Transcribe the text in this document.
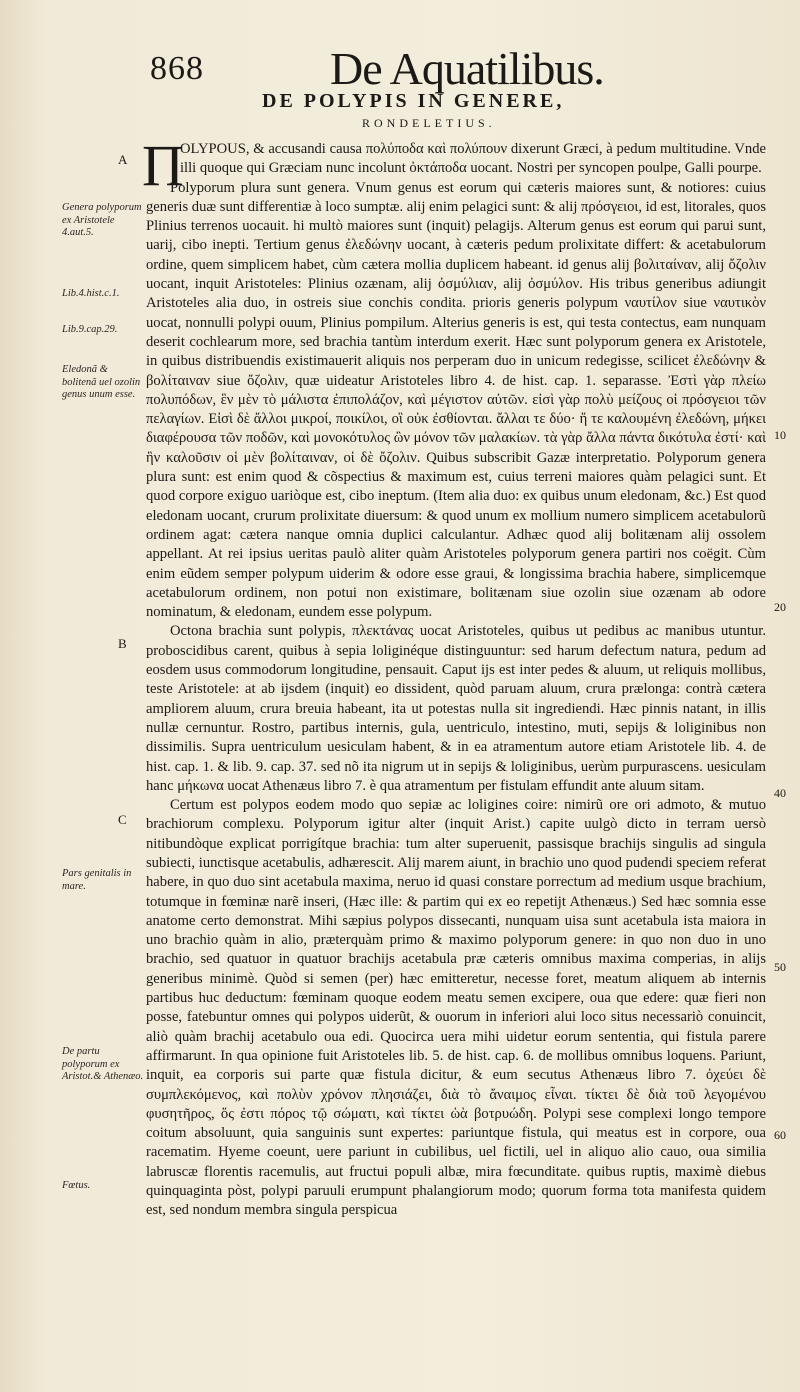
868	De Aquatilibus.
DE POLYPIS IN GENERE,
RONDELETIUS.
Π

OLYPOUS, & accusandi causa πολύποδα καὶ πολύπουν dixerunt Græci, à pedum multitudine. Vnde illi quoque qui Græciam nunc incolunt ὀκτάποδα uocant. Nostri per syncopen poulpe, Galli pourpe.

Polyporum plura sunt genera. Vnum genus est eorum qui cæteris maiores sunt, & notiores: cuius generis duæ sunt differentiæ à loco sumptæ. alij enim pelagici sunt: & alij πρόσγειοι, id est, litorales, quos Plinius terrenos uocauit. hi multò maiores sunt (inquit) pelagijs. Alterum genus est eorum qui parui sunt, uarij, cibo inepti. Tertium genus ἐλεδώνην uocant, à cæteris pedum prolixitate differt: & acetabulorum ordine, quem simplicem habet, cùm cætera mollia duplicem habeant. id genus alij βολιταίναν, alij ὄζολιν uocant, inquit Aristoteles: Plinius ozænam, alij ὀσμύλιαν, alij ὀσμύλον. His tribus generibus adiungit Aristoteles alia duo, in ostreis siue conchis condita. prioris generis polypum ναυτίλον siue ναυτικὸν uocat, nonnulli polypi ouum, Plinius pompilum. Alterius generis is est, qui testa contectus, eam nunquam deserit cochlearum more, sed brachia tantùm interdum exerit. Hæc sunt polyporum genera ex Aristotele, in quibus distribuendis existimauerit aliquis nos perperam duo in unicum redegisse, scilicet ἐλεδώνην & βολίταιναν siue ὄζολιν, quæ uideatur Aristoteles libro 4. de hist. cap. 1. separasse. Ἐστὶ γὰρ πλείω πολυπόδων, ἓν μὲν τὸ μάλιστα ἐπιπολάζον, καὶ μέγιστον αὐτῶν. εἰσὶ γὰρ πολὺ μείζους οἱ πρόσγειοι τῶν πελαγίων. Εἰσὶ δὲ ἄλλοι μικροί, ποικίλοι, οἳ οὐκ ἐσθίονται. ἄλλαι τε δύο· ἥ τε καλουμένη ἐλεδώνη, μήκει διαφέρουσα τῶν ποδῶν, καὶ μονοκότυλος ὢν μόνον τῶν μαλακίων. τὰ γὰρ ἄλλα πάντα δικότυλα ἐστί· καὶ ἣν καλοῦσιν οἱ μὲν βολίταιναν, οἱ δὲ ὄζολιν. Quibus subscribit Gazæ interpretatio. Polyporum genera plura sunt: est enim quod & cõspectius & maximum est, cuius terreni maiores quàm pelagici sunt. Et quod corpore exiguo uariòque est, cibo ineptum. (Item alia duo: ex quibus unum eledonam, &c.) Est quod eledonam uocant, crurum prolixitate diuersum: & quod unum ex mollium numero simplicem acetabulorũ ordinem agat: cætera nanque omnia duplici calculantur. Adhæc quod alij bolitænam alij ossolem appellant. At rei ipsius ueritas paulò aliter quàm Aristoteles polyporum genera partiri nos coëgit. Cùm enim eũdem semper polypum uiderim & odore esse graui, & longissima brachia habere, simplicemque acetabulorum ordinem, non potui non existimare, bolitænam siue ozolin siue ozænam ab odore nominatum, & eledonam, eundem esse polypum.

Octona brachia sunt polypis, πλεκτάνας uocat Aristoteles, quibus ut pedibus ac manibus utuntur. proboscidibus carent, quibus à sepia loliginéque distinguuntur: sed harum defectum natura, pedum ad eosdem usus commodorum longitudine, pensauit. Caput ijs est inter pedes & aluum, ut reliquis mollibus, teste Aristotele: at ab ijsdem (inquit) eo dissident, quòd paruam aluum, crura prælonga: contrà cætera ampliorem aluum, crura breuia habeant, ita ut potestas nulla sit ingrediendi. Hæc pinnis natant, in illis nullæ cernuntur. Rostro, partibus internis, gula, uentriculo, intestino, muti, sepijs & loliginibus non dissimilis. Supra uentriculum uesiculam habent, & in ea atramentum autore etiam Aristotele lib. 4. de hist. cap. 1. & lib. 9. cap. 37. sed nõ ita nigrum ut in sepijs & loliginibus, uerùm purpurascens. uesiculam hanc μήκωνα uocat Athenæus libro 7. è qua atramentum per fistulam effundit ante aluum sitam.

Certum est polypos eodem modo quo sepiæ ac loligines coire: nimirũ ore ori admoto, & mutuo brachiorum complexu. Polyporum igitur alter (inquit Arist.) capite uulgò dicto in terram uersò nitibundòque explicat porrigítque brachia: tum alter superuenit, passisque brachijs singulis ad singula subiecti, iunctisque acetabulis, adhærescit. Alij marem aiunt, in brachio uno quod pudendi speciem referat habere, in quo duo sint acetabula maxima, neruo id quasi constare porrectum ad medium usque brachium, totumque in fœminæ narẽ inseri, (Hæc ille: & partim qui ex eo repetijt Athenæus.) Sed hæc somnia esse anatome certo demonstrat. Mihi sæpius polypos dissecanti, nunquam uisa sunt acetabula ista maiora in uno brachio quàm in alio, præterquàm primo & maximo polyporum genere: in quo non duo in uno brachio, sed quatuor in quatuor brachijs acetabula præ cæteris omnibus maxima comperias, in alijs generibus minimè. Quòd si semen (per) hæc emitteretur, necesse foret, meatum aliquem ab internis partibus huc deductum: fœminam quoque eodem meatu semen excipere, oua que edere: quæ fieri non posse, fatebuntur omnes qui polypos uiderũt, & ouorum in inferiori alui loco situs necessariò conuincit, aliò quàm brachij acetabulo oua edi. Quocirca uera mihi uidetur eorum sententia, qui fistula parere affirmarunt. In qua opinione fuit Aristoteles lib. 5. de hist. cap. 6. de mollibus omnibus loquens. Pariunt, inquit, ea corporis sui parte quæ fistula dicitur, & eum secutus Athenæus libro 7. ὀχεύει δὲ συμπλεκόμενος, καὶ πολὺν χρόνον πλησιάζει, διὰ τὸ ἄναιμος εἶναι. τίκτει δὲ διὰ τοῦ λεγομένου φυσητῆρος, ὅς ἐστι πόρος τῷ σώματι, καὶ τίκτει ὠὰ βοτρυώδη. Polypi sese complexi longo tempore coitum absoluunt, quia sanguinis sunt expertes: pariuntque fistula, qui meatus est in corpore, oua racematim. Hyeme coeunt, uere pariunt in cubilibus, uel fictili, uel in aliquo alio cauo, oua similia labruscæ florentis racemulis, aut fructui populi albæ, mira fœcunditate. quibus ruptis, maximè diebus quinquaginta pòst, polypi paruuli erumpunt phalangiorum modo; quorum forma tota manifesta quidem est, sed nondum membra singula perspicua

A
B
C
Genera polyporum ex Aristotele 4.aut.5.
Lib.4.hist.c.1.
Lib.9.cap.29.
Eledonã & bolitenã uel ozolin genus unum esse.
Pars genitalis in mare.
De partu polyporum ex Aristot.& Athenæo.
Fœtus.
10
20
40
50
60
